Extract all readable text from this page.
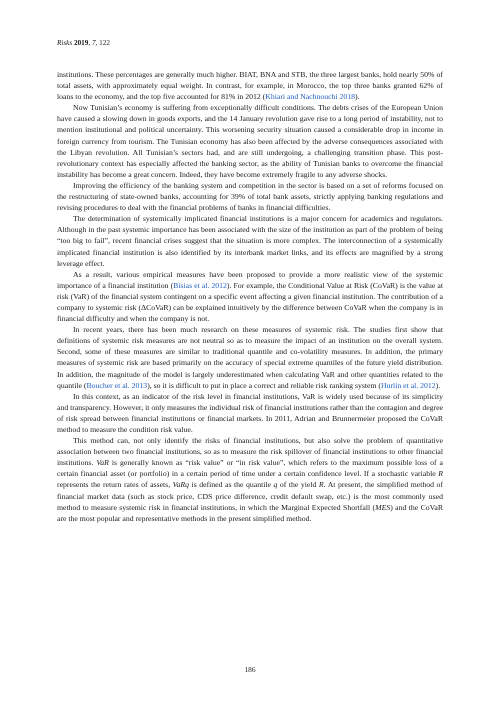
Risks 2019, 7, 122

institutions. These percentages are generally much higher. BIAT, BNA and STB, the three largest banks, hold nearly 50% of total assets, with approximately equal weight. In contrast, for example, in Morocco, the top three banks granted 62% of loans to the economy, and the top five accounted for 81% in 2012 (Khiari and Nachnouchi 2018).

Now Tunisian’s economy is suffering from exceptionally difficult conditions. The debts crises of the European Union have caused a slowing down in goods exports, and the 14 January revolution gave rise to a long period of instability, not to mention institutional and political uncertainty. This worsening security situation caused a considerable drop in income in foreign currency from tourism. The Tunisian economy has also been affected by the adverse consequences associated with the Libyan revolution. All Tunisian’s sectors had, and are still undergoing, a challenging transition phase. This post-revolutionary context has especially affected the banking sector, as the ability of Tunisian banks to overcome the financial instability has become a great concern. Indeed, they have become extremely fragile to any adverse shocks.

Improving the efficiency of the banking system and competition in the sector is based on a set of reforms focused on the restructuring of state-owned banks, accounting for 39% of total bank assets, strictly applying banking regulations and revising procedures to deal with the financial problems of banks in financial difficulties.

The determination of systemically implicated financial institutions is a major concern for academics and regulators. Although in the past systemic importance has been associated with the size of the institution as part of the problem of being “too big to fail”, recent financial crises suggest that the situation is more complex. The interconnection of a systemically implicated financial institution is also identified by its interbank market links, and its effects are magnified by a strong leverage effect.

As a result, various empirical measures have been proposed to provide a more realistic view of the systemic importance of a financial institution (Bisias et al. 2012). For example, the Conditional Value at Risk (CoVaR) is the value at risk (VaR) of the financial system contingent on a specific event affecting a given financial institution. The contribution of a company to systemic risk (ΔCoVaR) can be explained intuitively by the difference between CoVaR when the company is in financial difficulty and when the company is not.

In recent years, there has been much research on these measures of systemic risk. The studies first show that definitions of systemic risk measures are not neutral so as to measure the impact of an institution on the overall system. Second, some of these measures are similar to traditional quantile and co-volatility measures. In addition, the primary measures of systemic risk are based primarily on the accuracy of special extreme quantiles of the future yield distribution. In addition, the magnitude of the model is largely underestimated when calculating VaR and other quantities related to the quantile (Boucher et al. 2013), so it is difficult to put in place a correct and reliable risk ranking system (Hurlin et al. 2012).

In this context, as an indicator of the risk level in financial institutions, VaR is widely used because of its simplicity and transparency. However, it only measures the individual risk of financial institutions rather than the contagion and degree of risk spread between financial institutions or financial markets. In 2011, Adrian and Brunnermeier proposed the CoVaR method to measure the condition risk value.

This method can, not only identify the risks of financial institutions, but also solve the problem of quantitative association between two financial institutions, so as to measure the risk spillover of financial institutions to other financial institutions. VaR is generally known as “risk value” or “in risk value”, which refers to the maximum possible loss of a certain financial asset (or portfolio) in a certain period of time under a certain confidence level. If a stochastic variable R represents the return rates of assets, VaRq is defined as the quantile q of the yield R. At present, the simplified method of financial market data (such as stock price, CDS price difference, credit default swap, etc.) is the most commonly used method to measure systemic risk in financial institutions, in which the Marginal Expected Shortfall (MES) and the CoVaR are the most popular and representative methods in the present simplified method.

186
